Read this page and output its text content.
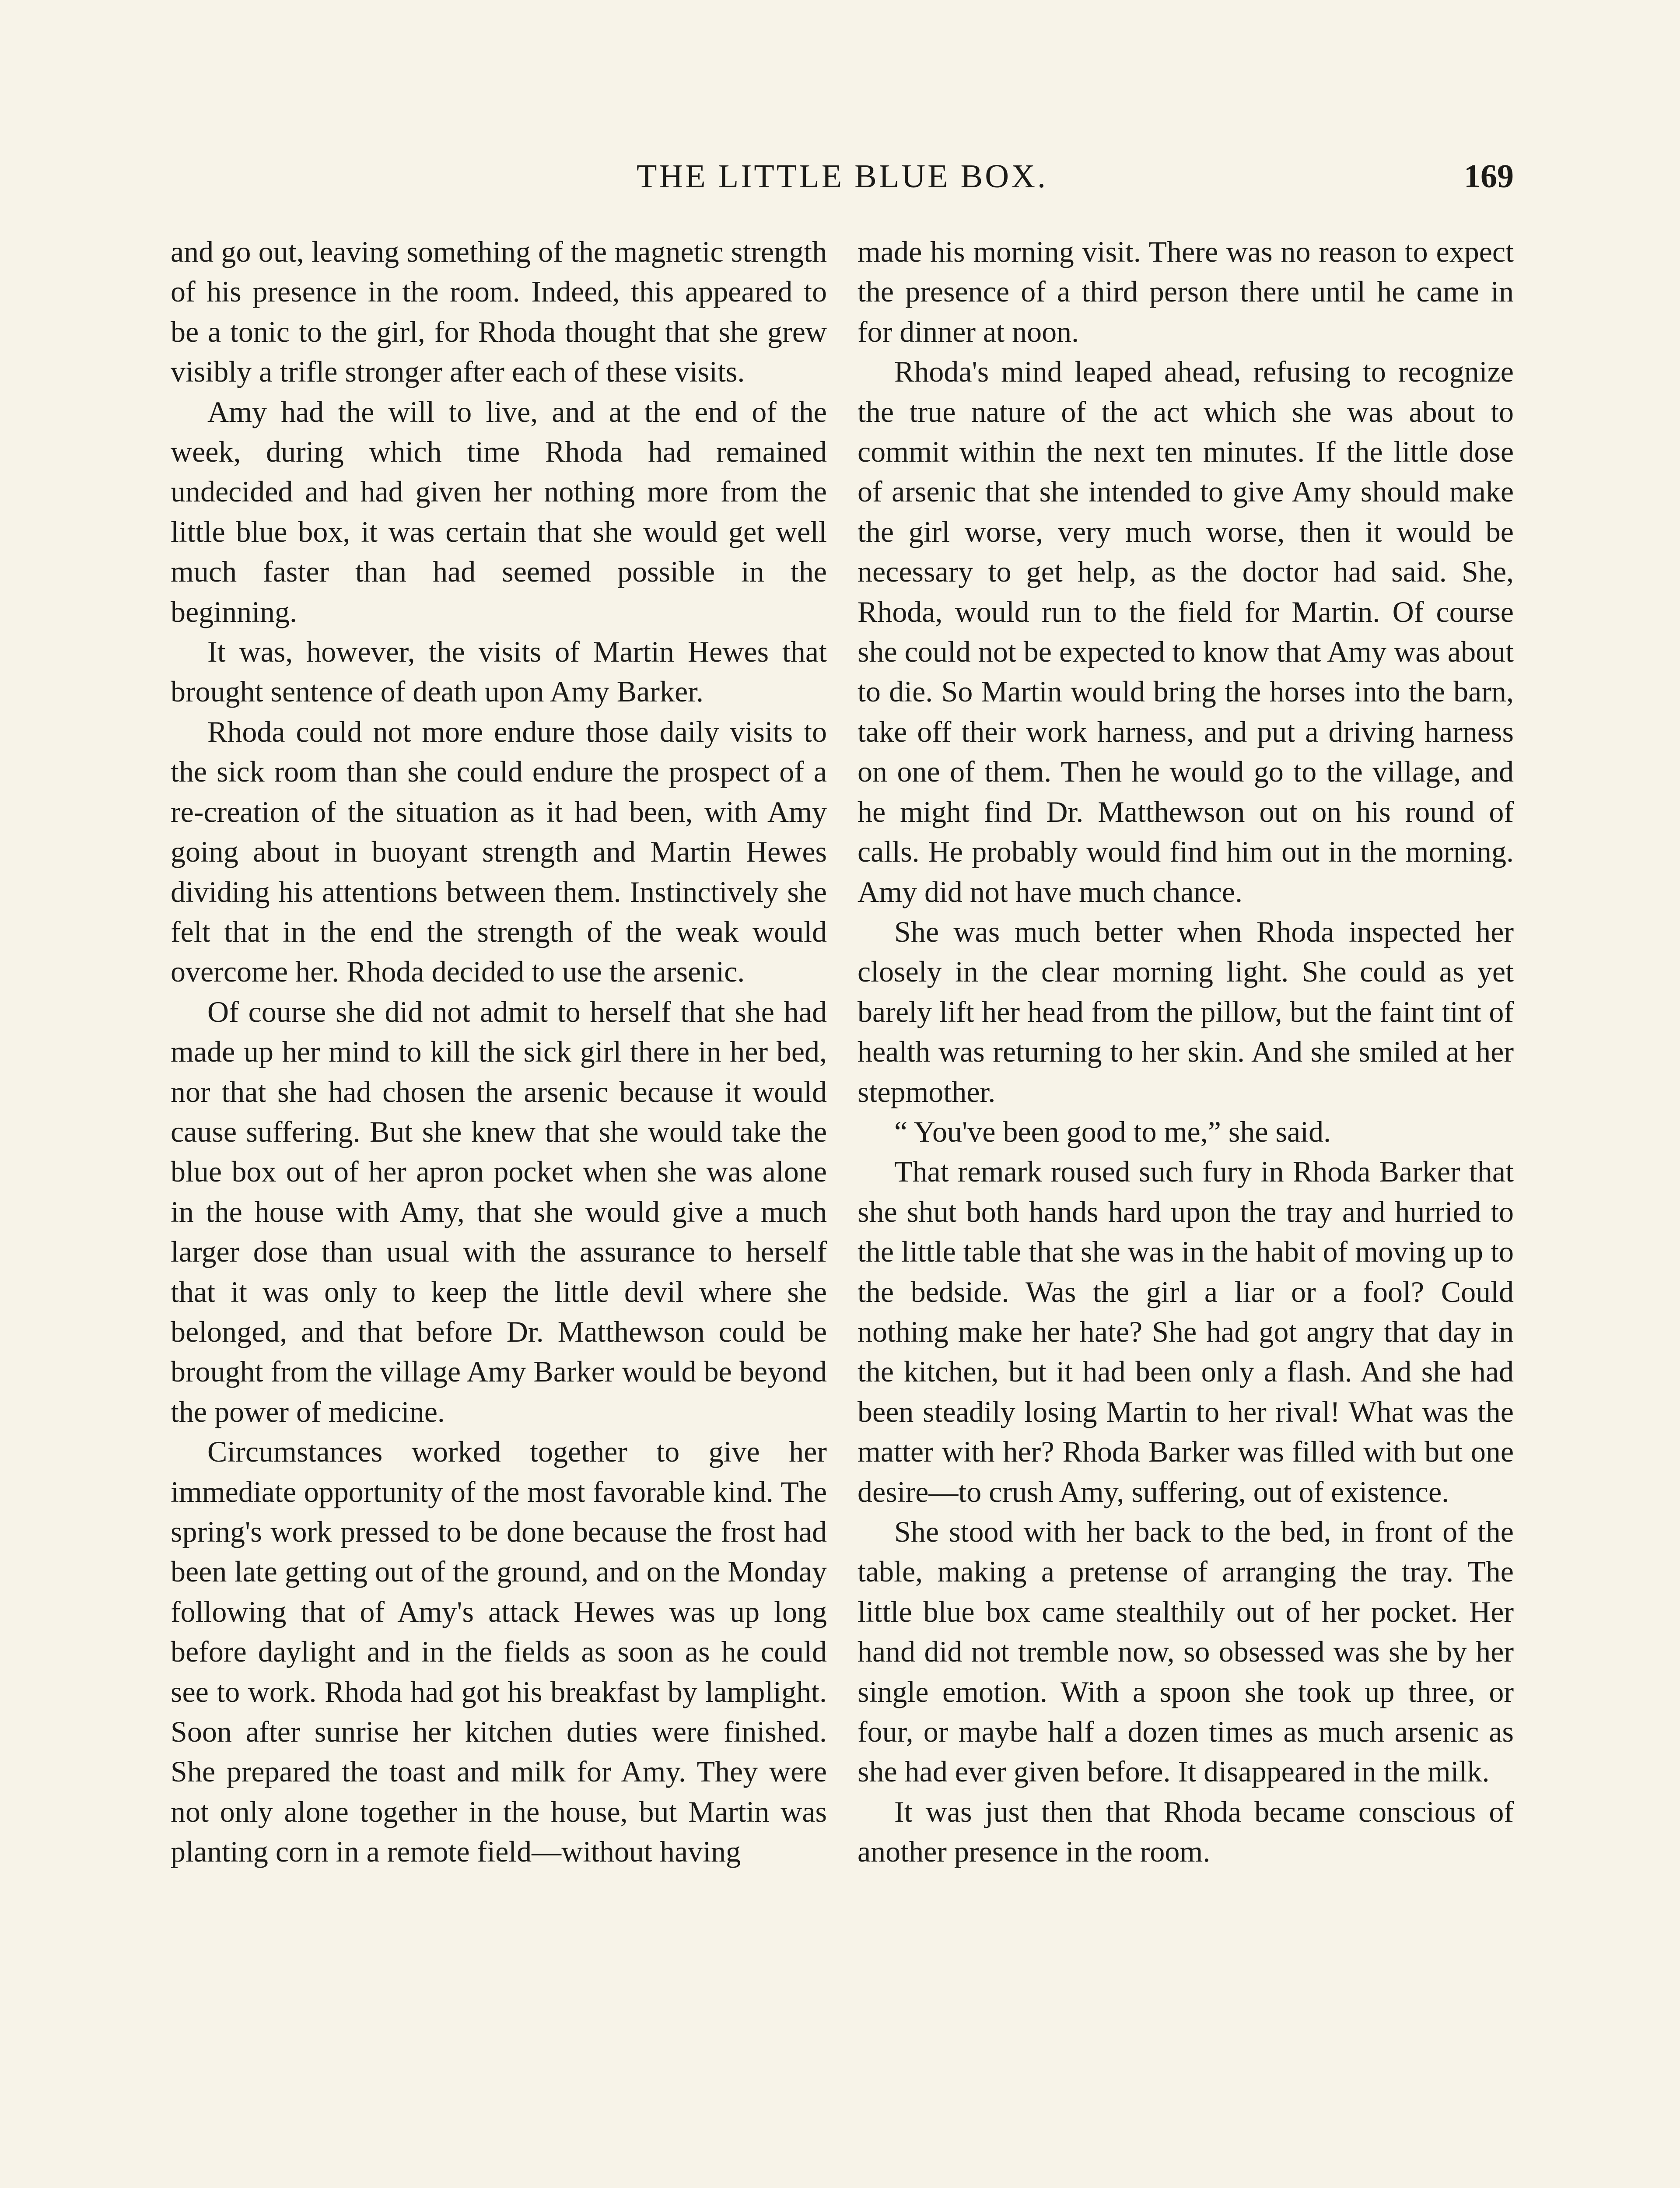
THE LITTLE BLUE BOX.	169

and go out, leaving something of the magnetic strength of his presence in the room. Indeed, this appeared to be a tonic to the girl, for Rhoda thought that she grew visibly a trifle stronger after each of these visits.

Amy had the will to live, and at the end of the week, during which time Rhoda had remained undecided and had given her nothing more from the little blue box, it was certain that she would get well much faster than had seemed possible in the beginning.

It was, however, the visits of Martin Hewes that brought sentence of death upon Amy Barker.

Rhoda could not more endure those daily visits to the sick room than she could endure the prospect of a re-creation of the situation as it had been, with Amy going about in buoyant strength and Martin Hewes dividing his attentions between them. Instinctively she felt that in the end the strength of the weak would overcome her. Rhoda decided to use the arsenic.

Of course she did not admit to herself that she had made up her mind to kill the sick girl there in her bed, nor that she had chosen the arsenic because it would cause suffering. But she knew that she would take the blue box out of her apron pocket when she was alone in the house with Amy, that she would give a much larger dose than usual with the assurance to herself that it was only to keep the little devil where she belonged, and that before Dr. Matthewson could be brought from the village Amy Barker would be beyond the power of medicine.

Circumstances worked together to give her immediate opportunity of the most favorable kind. The spring's work pressed to be done because the frost had been late getting out of the ground, and on the Monday following that of Amy's attack Hewes was up long before daylight and in the fields as soon as he could see to work. Rhoda had got his breakfast by lamplight. Soon after sunrise her kitchen duties were finished. She prepared the toast and milk for Amy. They were not only alone together in the house, but Martin was planting corn in a remote field—without having

made his morning visit. There was no reason to expect the presence of a third person there until he came in for dinner at noon.

Rhoda's mind leaped ahead, refusing to recognize the true nature of the act which she was about to commit within the next ten minutes. If the little dose of arsenic that she intended to give Amy should make the girl worse, very much worse, then it would be necessary to get help, as the doctor had said. She, Rhoda, would run to the field for Martin. Of course she could not be expected to know that Amy was about to die. So Martin would bring the horses into the barn, take off their work harness, and put a driving harness on one of them. Then he would go to the village, and he might find Dr. Matthewson out on his round of calls. He probably would find him out in the morning. Amy did not have much chance.

She was much better when Rhoda inspected her closely in the clear morning light. She could as yet barely lift her head from the pillow, but the faint tint of health was returning to her skin. And she smiled at her stepmother.

“ You've been good to me,” she said.

That remark roused such fury in Rhoda Barker that she shut both hands hard upon the tray and hurried to the little table that she was in the habit of moving up to the bedside. Was the girl a liar or a fool? Could nothing make her hate? She had got angry that day in the kitchen, but it had been only a flash. And she had been steadily losing Martin to her rival! What was the matter with her? Rhoda Barker was filled with but one desire—to crush Amy, suffering, out of existence.

She stood with her back to the bed, in front of the table, making a pretense of arranging the tray. The little blue box came stealthily out of her pocket. Her hand did not tremble now, so obsessed was she by her single emotion. With a spoon she took up three, or four, or maybe half a dozen times as much arsenic as she had ever given before. It disappeared in the milk.

It was just then that Rhoda became conscious of another presence in the room.
